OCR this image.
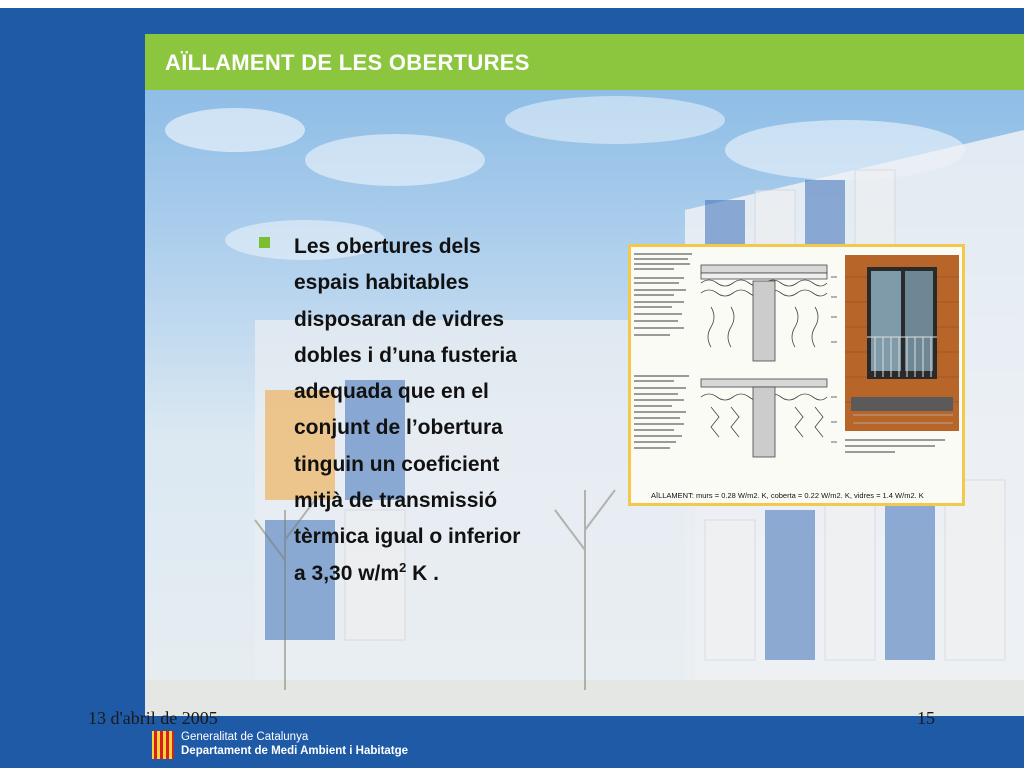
AÏLLAMENT DE LES OBERTURES
Les obertures dels
espais habitables
disposaran de vidres
dobles i d’una fusteria
adequada que en el
conjunt de l’obertura
tinguin un coeficient
mitjà de transmissió
tèrmica igual o inferior
a 3,30 $w/m^2$ K .
AÏLLAMENT: murs = 0.28 W/m2. K, coberta = 0.22 W/m2. K, vidres = 1.4 W/m2. K
13 d'abril de 2005	15
Generalitat de Catalunya
Departament de Medi Ambient i Habitatge
